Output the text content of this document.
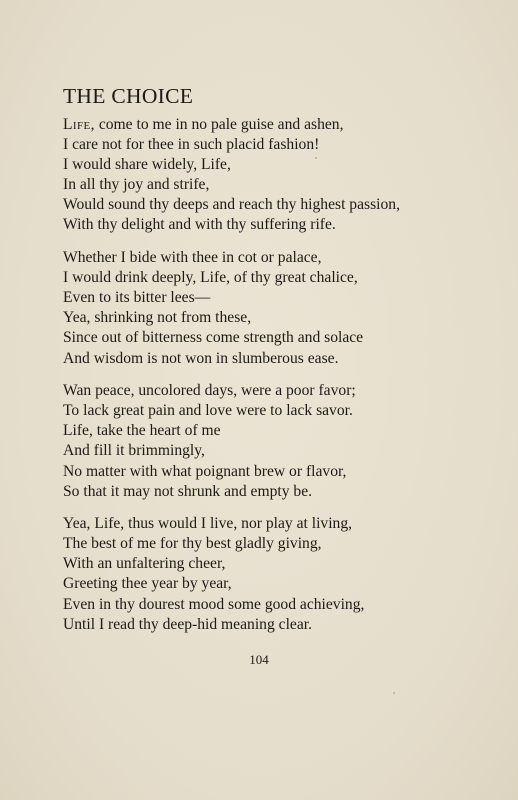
THE CHOICE
Life, come to me in no pale guise and ashen,
I care not for thee in such placid fashion!
I would share widely, Life,
In all thy joy and strife,
Would sound thy deeps and reach thy highest passion,
With thy delight and with thy suffering rife.
Whether I bide with thee in cot or palace,
I would drink deeply, Life, of thy great chalice,
Even to its bitter lees—
Yea, shrinking not from these,
Since out of bitterness come strength and solace
And wisdom is not won in slumberous ease.
Wan peace, uncolored days, were a poor favor;
To lack great pain and love were to lack savor.
Life, take the heart of me
And fill it brimmingly,
No matter with what poignant brew or flavor,
So that it may not shrunk and empty be.
Yea, Life, thus would I live, nor play at living,
The best of me for thy best gladly giving,
With an unfaltering cheer,
Greeting thee year by year,
Even in thy dourest mood some good achieving,
Until I read thy deep-hid meaning clear.
104
